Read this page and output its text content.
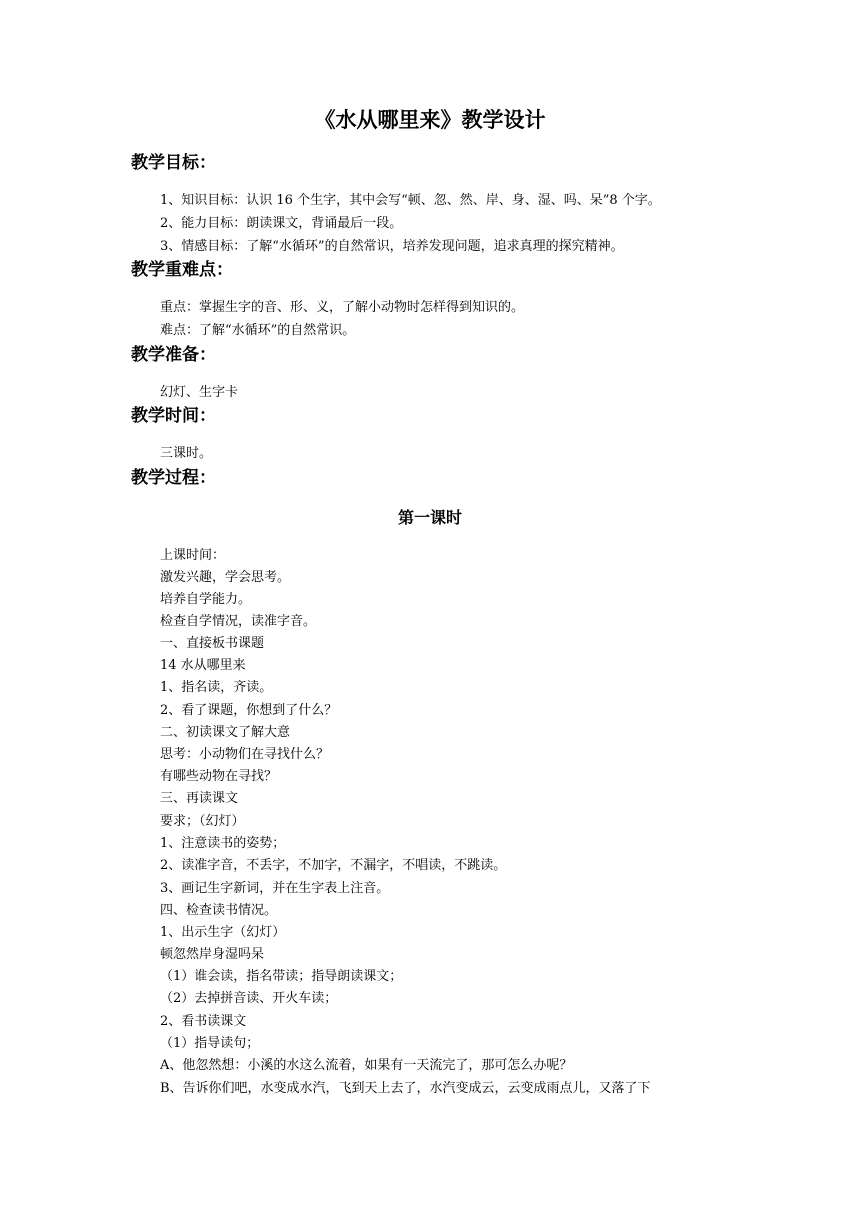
《水从哪里来》教学设计
教学目标：
1、知识目标：认识 16 个生字，其中会写“顿、忽、然、岸、身、湿、吗、呆”8 个字。
2、能力目标：朗读课文，背诵最后一段。
3、情感目标：了解“水循环”的自然常识，培养发现问题，追求真理的探究精神。
教学重难点：
重点：掌握生字的音、形、义，了解小动物时怎样得到知识的。
难点：了解“水循环”的自然常识。
教学准备：
幻灯、生字卡
教学时间：
三课时。
教学过程：
第一课时
上课时间：
激发兴趣，学会思考。
培养自学能力。
检查自学情况，读准字音。
一、直接板书课题
14 水从哪里来
1、指名读，齐读。
2、看了课题，你想到了什么？
二、初读课文了解大意
思考：小动物们在寻找什么？
有哪些动物在寻找？
三、再读课文
要求；（幻灯）
1、注意读书的姿势；
2、读准字音，不丢字，不加字，不漏字，不唱读，不跳读。
3、画记生字新词，并在生字表上注音。
四、检查读书情况。
1、出示生字（幻灯）
顿忽然岸身湿吗呆
（1）谁会读，指名带读；指导朗读课文；
（2）去掉拼音读、开火车读；
2、看书读课文
（1）指导读句；
A、他忽然想：小溪的水这么流着，如果有一天流完了，那可怎么办呢？
B、告诉你们吧，水变成水汽，飞到天上去了，水汽变成云，云变成雨点儿，又落了下
